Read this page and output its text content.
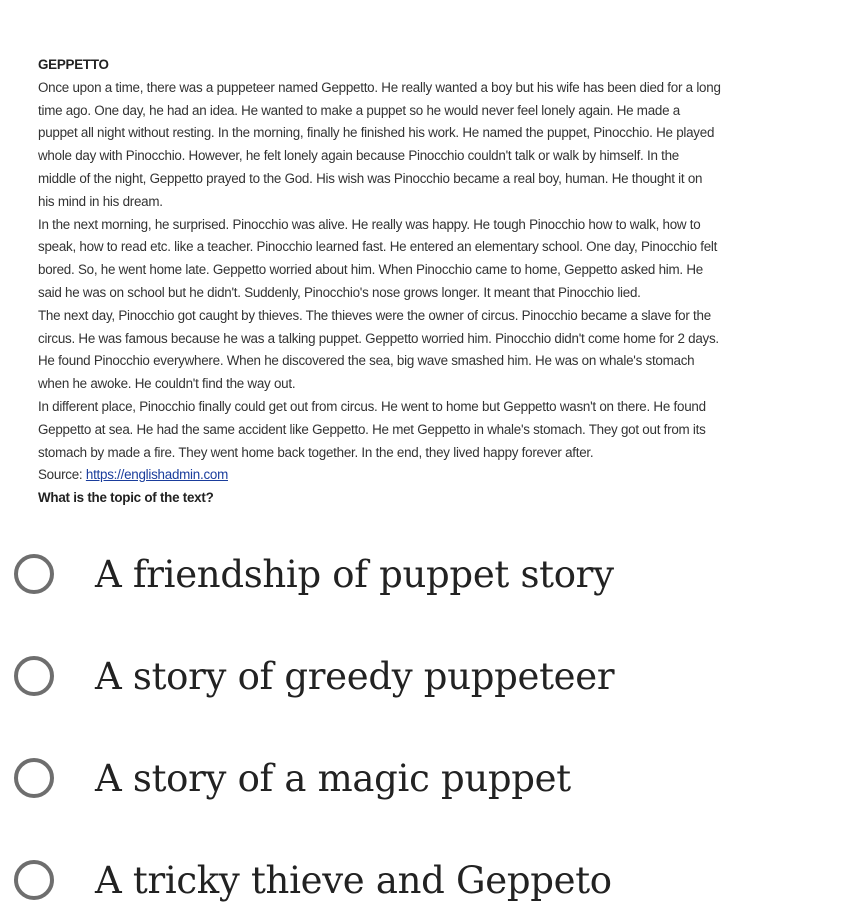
GEPPETTO

Once upon a time, there was a puppeteer named Geppetto. He really wanted a boy but his wife has been died for a long

time ago. One day, he had an idea. He wanted to make a puppet so he would never feel lonely again. He made a

puppet all night without resting. In the morning, finally he finished his work. He named the puppet, Pinocchio. He played

whole day with Pinocchio. However, he felt lonely again because Pinocchio couldn't talk or walk by himself. In the

middle of the night, Geppetto prayed to the God. His wish was Pinocchio became a real boy, human. He thought it on

his mind in his dream.

In the next morning, he surprised. Pinocchio was alive. He really was happy. He tough Pinocchio how to walk, how to

speak, how to read etc. like a teacher. Pinocchio learned fast. He entered an elementary school. One day, Pinocchio felt

bored. So, he went home late. Geppetto worried about him. When Pinocchio came to home, Geppetto asked him. He

said he was on school but he didn't. Suddenly, Pinocchio's nose grows longer. It meant that Pinocchio lied.

The next day, Pinocchio got caught by thieves. The thieves were the owner of circus. Pinocchio became a slave for the

circus. He was famous because he was a talking puppet. Geppetto worried him. Pinocchio didn't come home for 2 days.

He found Pinocchio everywhere. When he discovered the sea, big wave smashed him. He was on whale's stomach

when he awoke. He couldn't find the way out.

In different place, Pinocchio finally could get out from circus. He went to home but Geppetto wasn't on there. He found

Geppetto at sea. He had the same accident like Geppetto. He met Geppetto in whale's stomach. They got out from its

stomach by made a fire. They went home back together. In the end, they lived happy forever after.

Source: https://englishadmin.com

What is the topic of the text?

A friendship of puppet story
A story of greedy puppeteer
A story of a magic puppet
A tricky thieve and Geppeto
